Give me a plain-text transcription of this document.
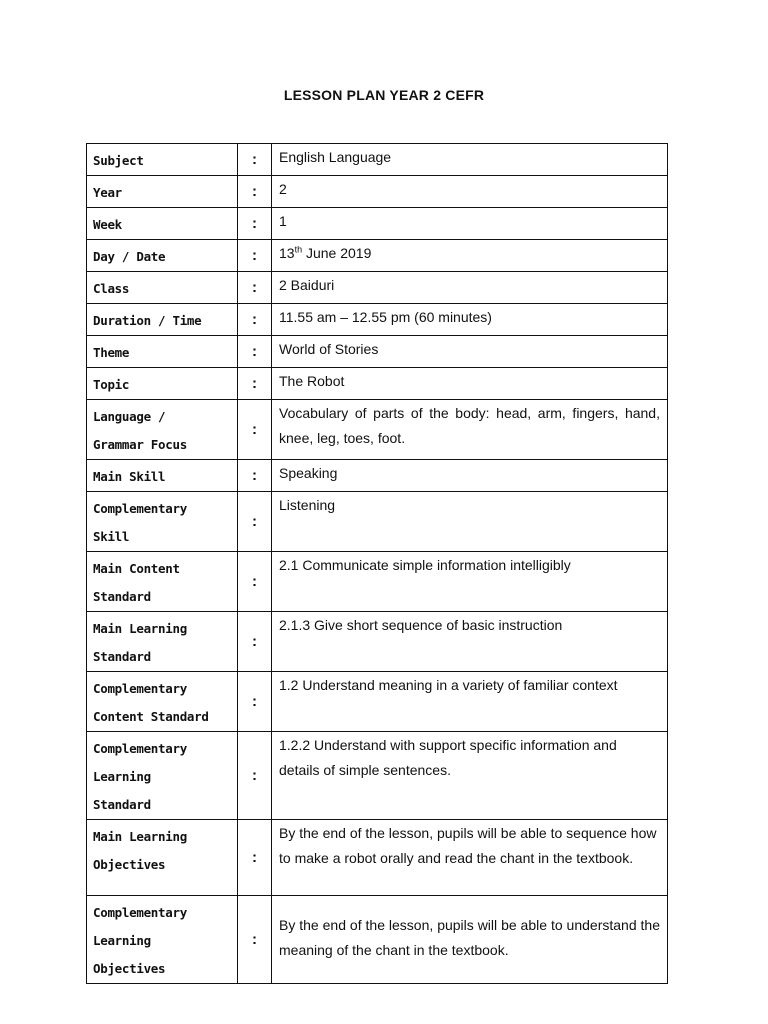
LESSON PLAN YEAR 2 CEFR
Subject	:	English Language
Year	:	2
Week	:	1
Day / Date	:	13th June 2019
Class	:	2 Baiduri
Duration / Time	:	11.55 am – 12.55 pm (60 minutes)
Theme	:	World of Stories
Topic	:	The Robot

Language /
Grammar Focus	:	Vocabulary of parts of the body: head, arm, fingers, hand, knee, leg, toes, foot.
Main Skill	:	Speaking

Complementary
Skill	:	Listening

Main Content
Standard	:	2.1 Communicate simple information intelligibly

Main Learning
Standard	:	2.1.3 Give short sequence of basic instruction

Complementary
Content Standard	:	1.2 Understand meaning in a variety of familiar context

Complementary
Learning
Standard	:	1.2.2 Understand with support specific information and details of simple sentences.

Main Learning
Objectives	:	By the end of the lesson, pupils will be able to sequence how to make a robot orally and read the chant in the textbook.

Complementary
Learning
Objectives	:	By the end of the lesson, pupils will be able to understand the meaning of the chant in the textbook.
